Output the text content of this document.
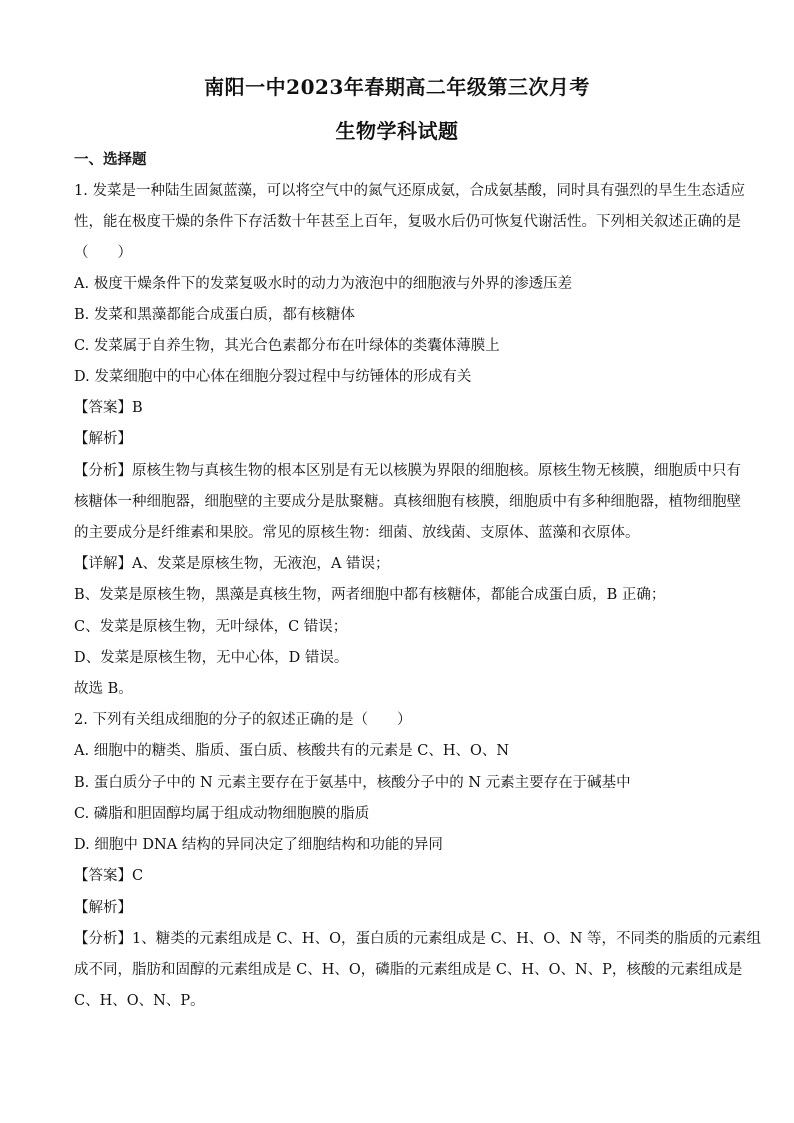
南阳一中2023年春期高二年级第三次月考
生物学科试题
一、选择题
1. 发菜是一种陆生固氮蓝藻，可以将空气中的氮气还原成氨，合成氨基酸，同时具有强烈的旱生生态适应
性，能在极度干燥的条件下存活数十年甚至上百年，复吸水后仍可恢复代谢活性。下列相关叙述正确的是
（　　）
A. 极度干燥条件下的发菜复吸水时的动力为液泡中的细胞液与外界的渗透压差
B. 发菜和黑藻都能合成蛋白质，都有核糖体
C. 发菜属于自养生物，其光合色素都分布在叶绿体的类囊体薄膜上
D. 发菜细胞中的中心体在细胞分裂过程中与纺锤体的形成有关
【答案】B
【解析】
【分析】原核生物与真核生物的根本区别是有无以核膜为界限的细胞核。原核生物无核膜，细胞质中只有
核糖体一种细胞器，细胞壁的主要成分是肽聚糖。真核细胞有核膜，细胞质中有多种细胞器，植物细胞壁
的主要成分是纤维素和果胶。常见的原核生物：细菌、放线菌、支原体、蓝藻和衣原体。
【详解】A、发菜是原核生物，无液泡，A 错误；
B、发菜是原核生物，黑藻是真核生物，两者细胞中都有核糖体，都能合成蛋白质，B 正确；
C、发菜是原核生物，无叶绿体，C 错误；
D、发菜是原核生物，无中心体，D 错误。
故选 B。
2. 下列有关组成细胞的分子的叙述正确的是（　　）
A. 细胞中的糖类、脂质、蛋白质、核酸共有的元素是 C、H、O、N
B. 蛋白质分子中的 N 元素主要存在于氨基中，核酸分子中的 N 元素主要存在于碱基中
C. 磷脂和胆固醇均属于组成动物细胞膜的脂质
D. 细胞中 DNA 结构的异同决定了细胞结构和功能的异同
【答案】C
【解析】
【分析】1、糖类的元素组成是 C、H、O，蛋白质的元素组成是 C、H、O、N 等，不同类的脂质的元素组
成不同，脂肪和固醇的元素组成是 C、H、O，磷脂的元素组成是 C、H、O、N、P，核酸的元素组成是
C、H、O、N、P。
